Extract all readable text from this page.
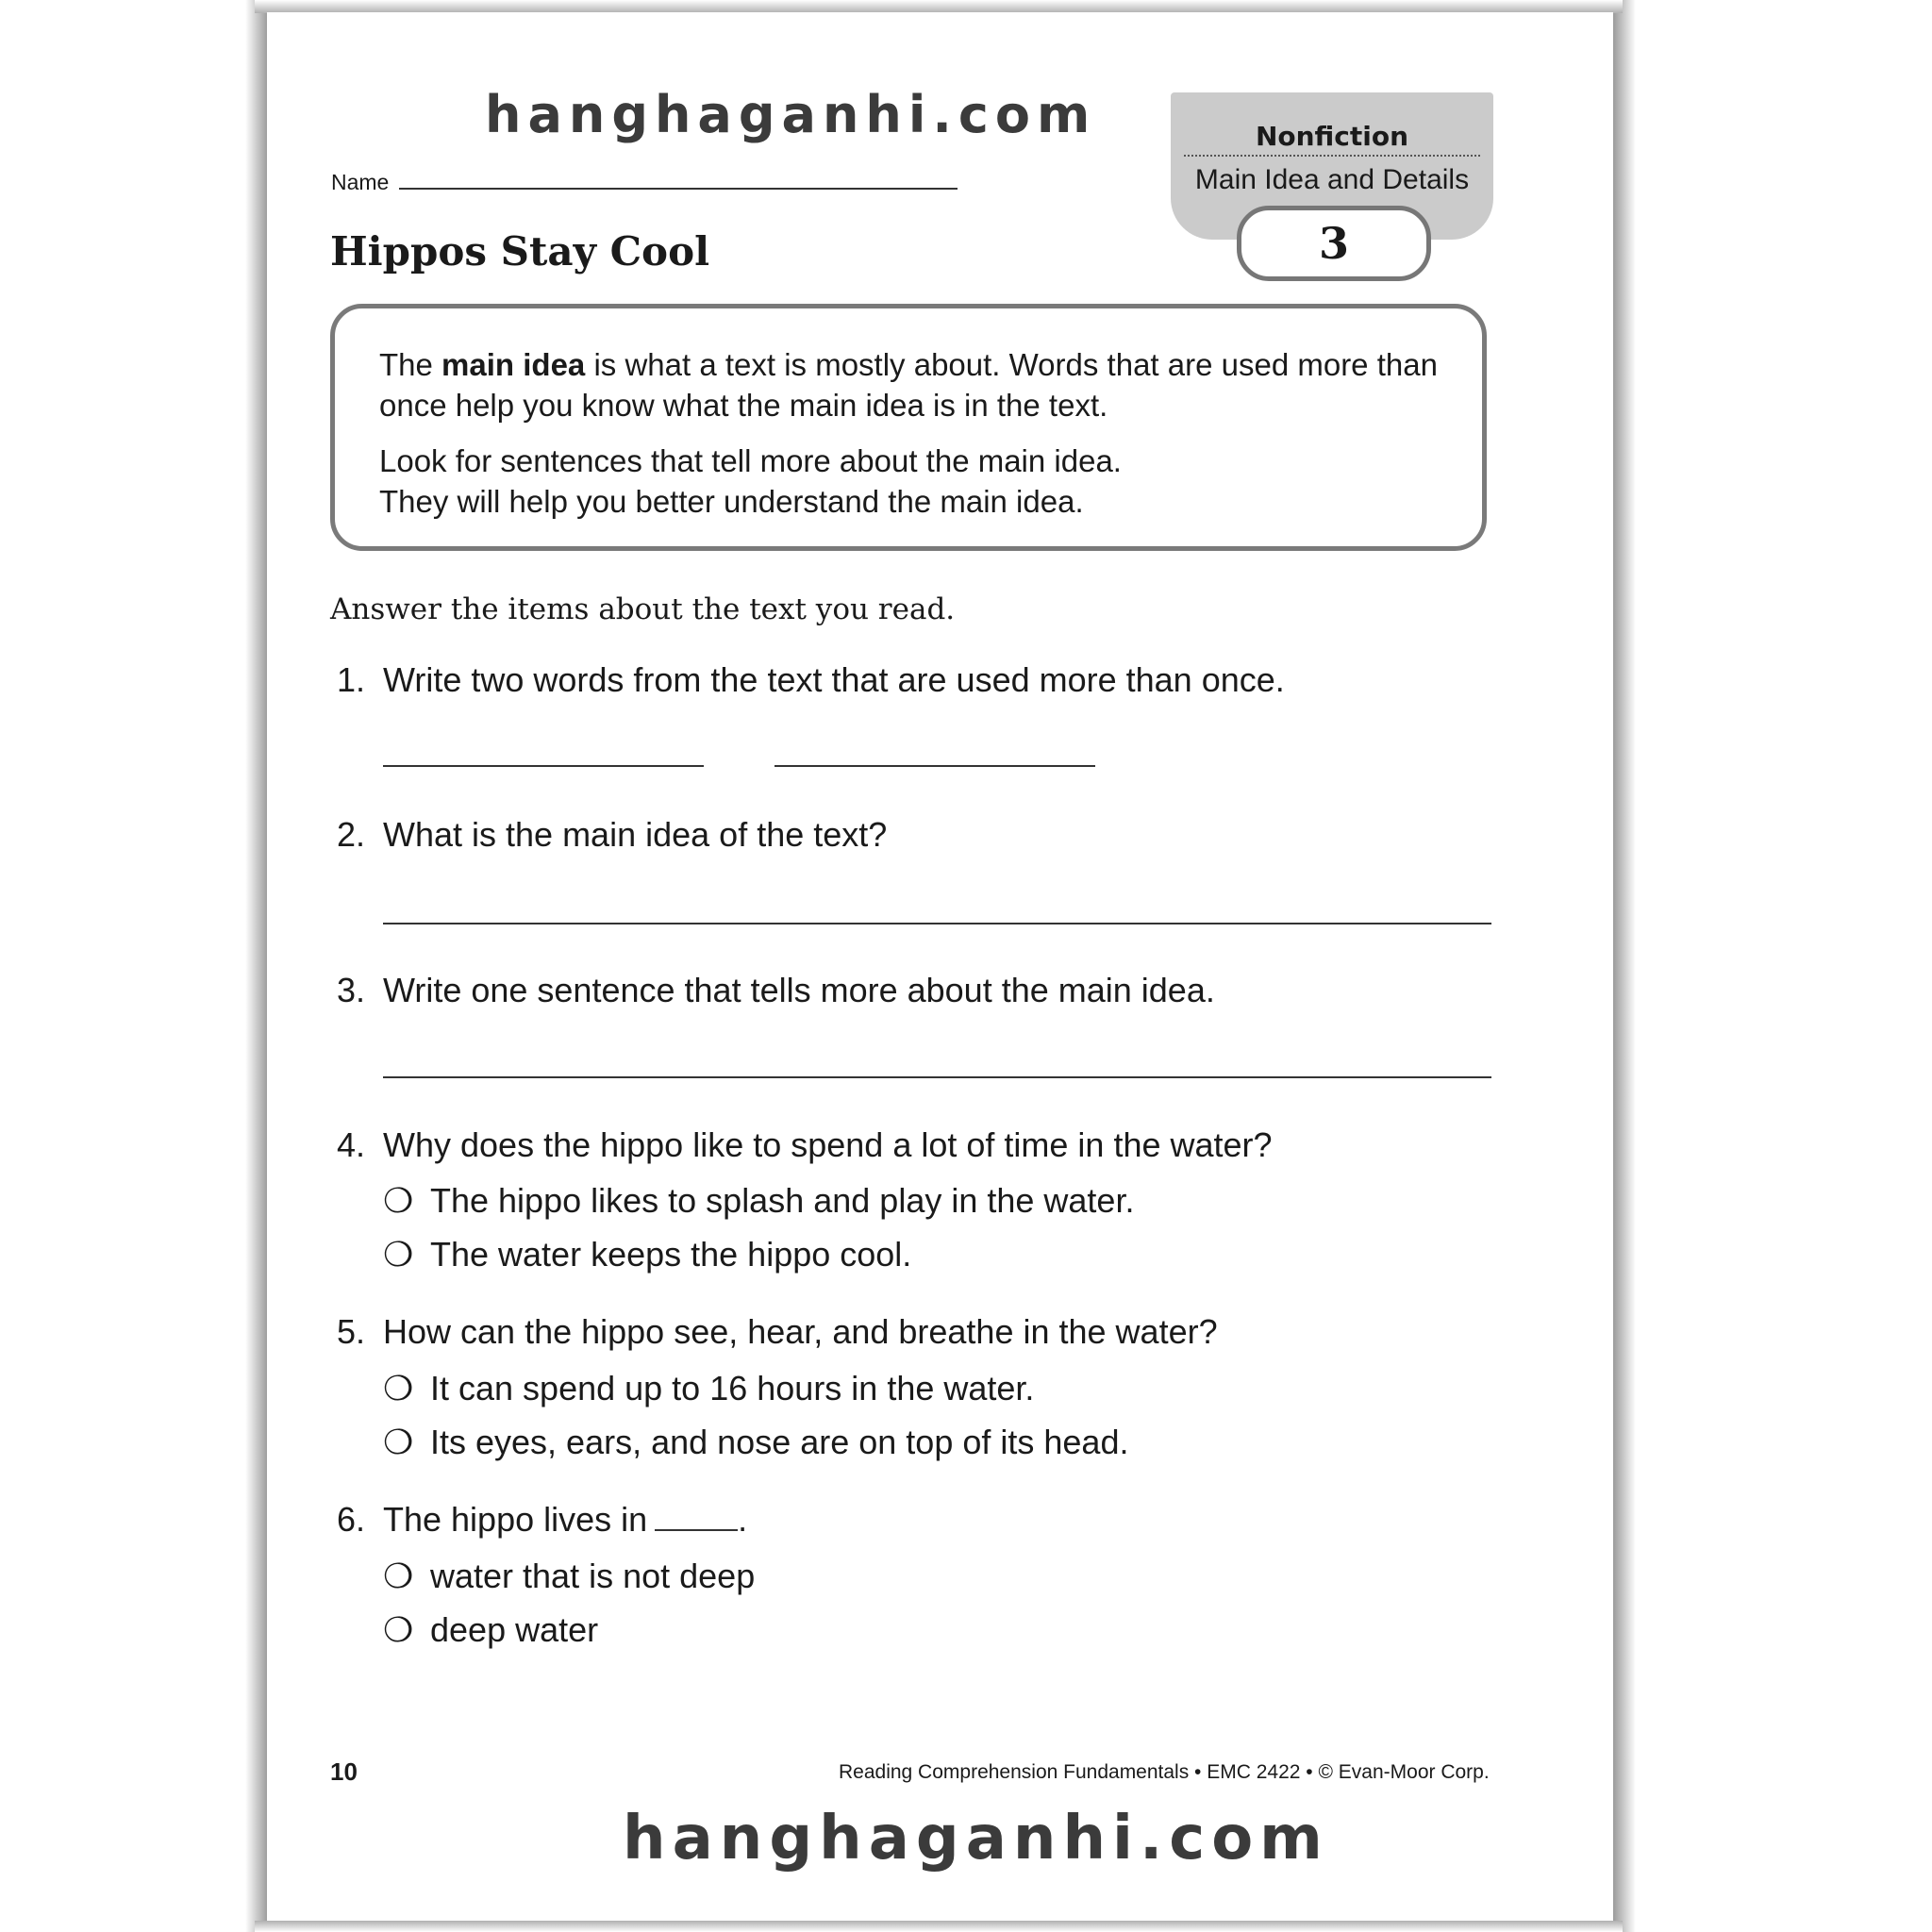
hanghaganhi.com
Name
Hippos Stay Cool
Nonfiction
Main Idea and Details
3
The main idea is what a text is mostly about. Words that are used more than once help you know what the main idea is in the text.
Look for sentences that tell more about the main idea.
They will help you better understand the main idea.
Answer the items about the text you read.
1. Write two words from the text that are used more than once.
2. What is the main idea of the text?
3. Write one sentence that tells more about the main idea.
4. Why does the hippo like to spend a lot of time in the water?
❍ The hippo likes to splash and play in the water.
❍ The water keeps the hippo cool.
5. How can the hippo see, hear, and breathe in the water?
❍ It can spend up to 16 hours in the water.
❍ Its eyes, ears, and nose are on top of its head.
6. The hippo lives in	.
❍ water that is not deep
❍ deep water
10	Reading Comprehension Fundamentals • EMC 2422 • © Evan-Moor Corp.
hanghaganhi.com
